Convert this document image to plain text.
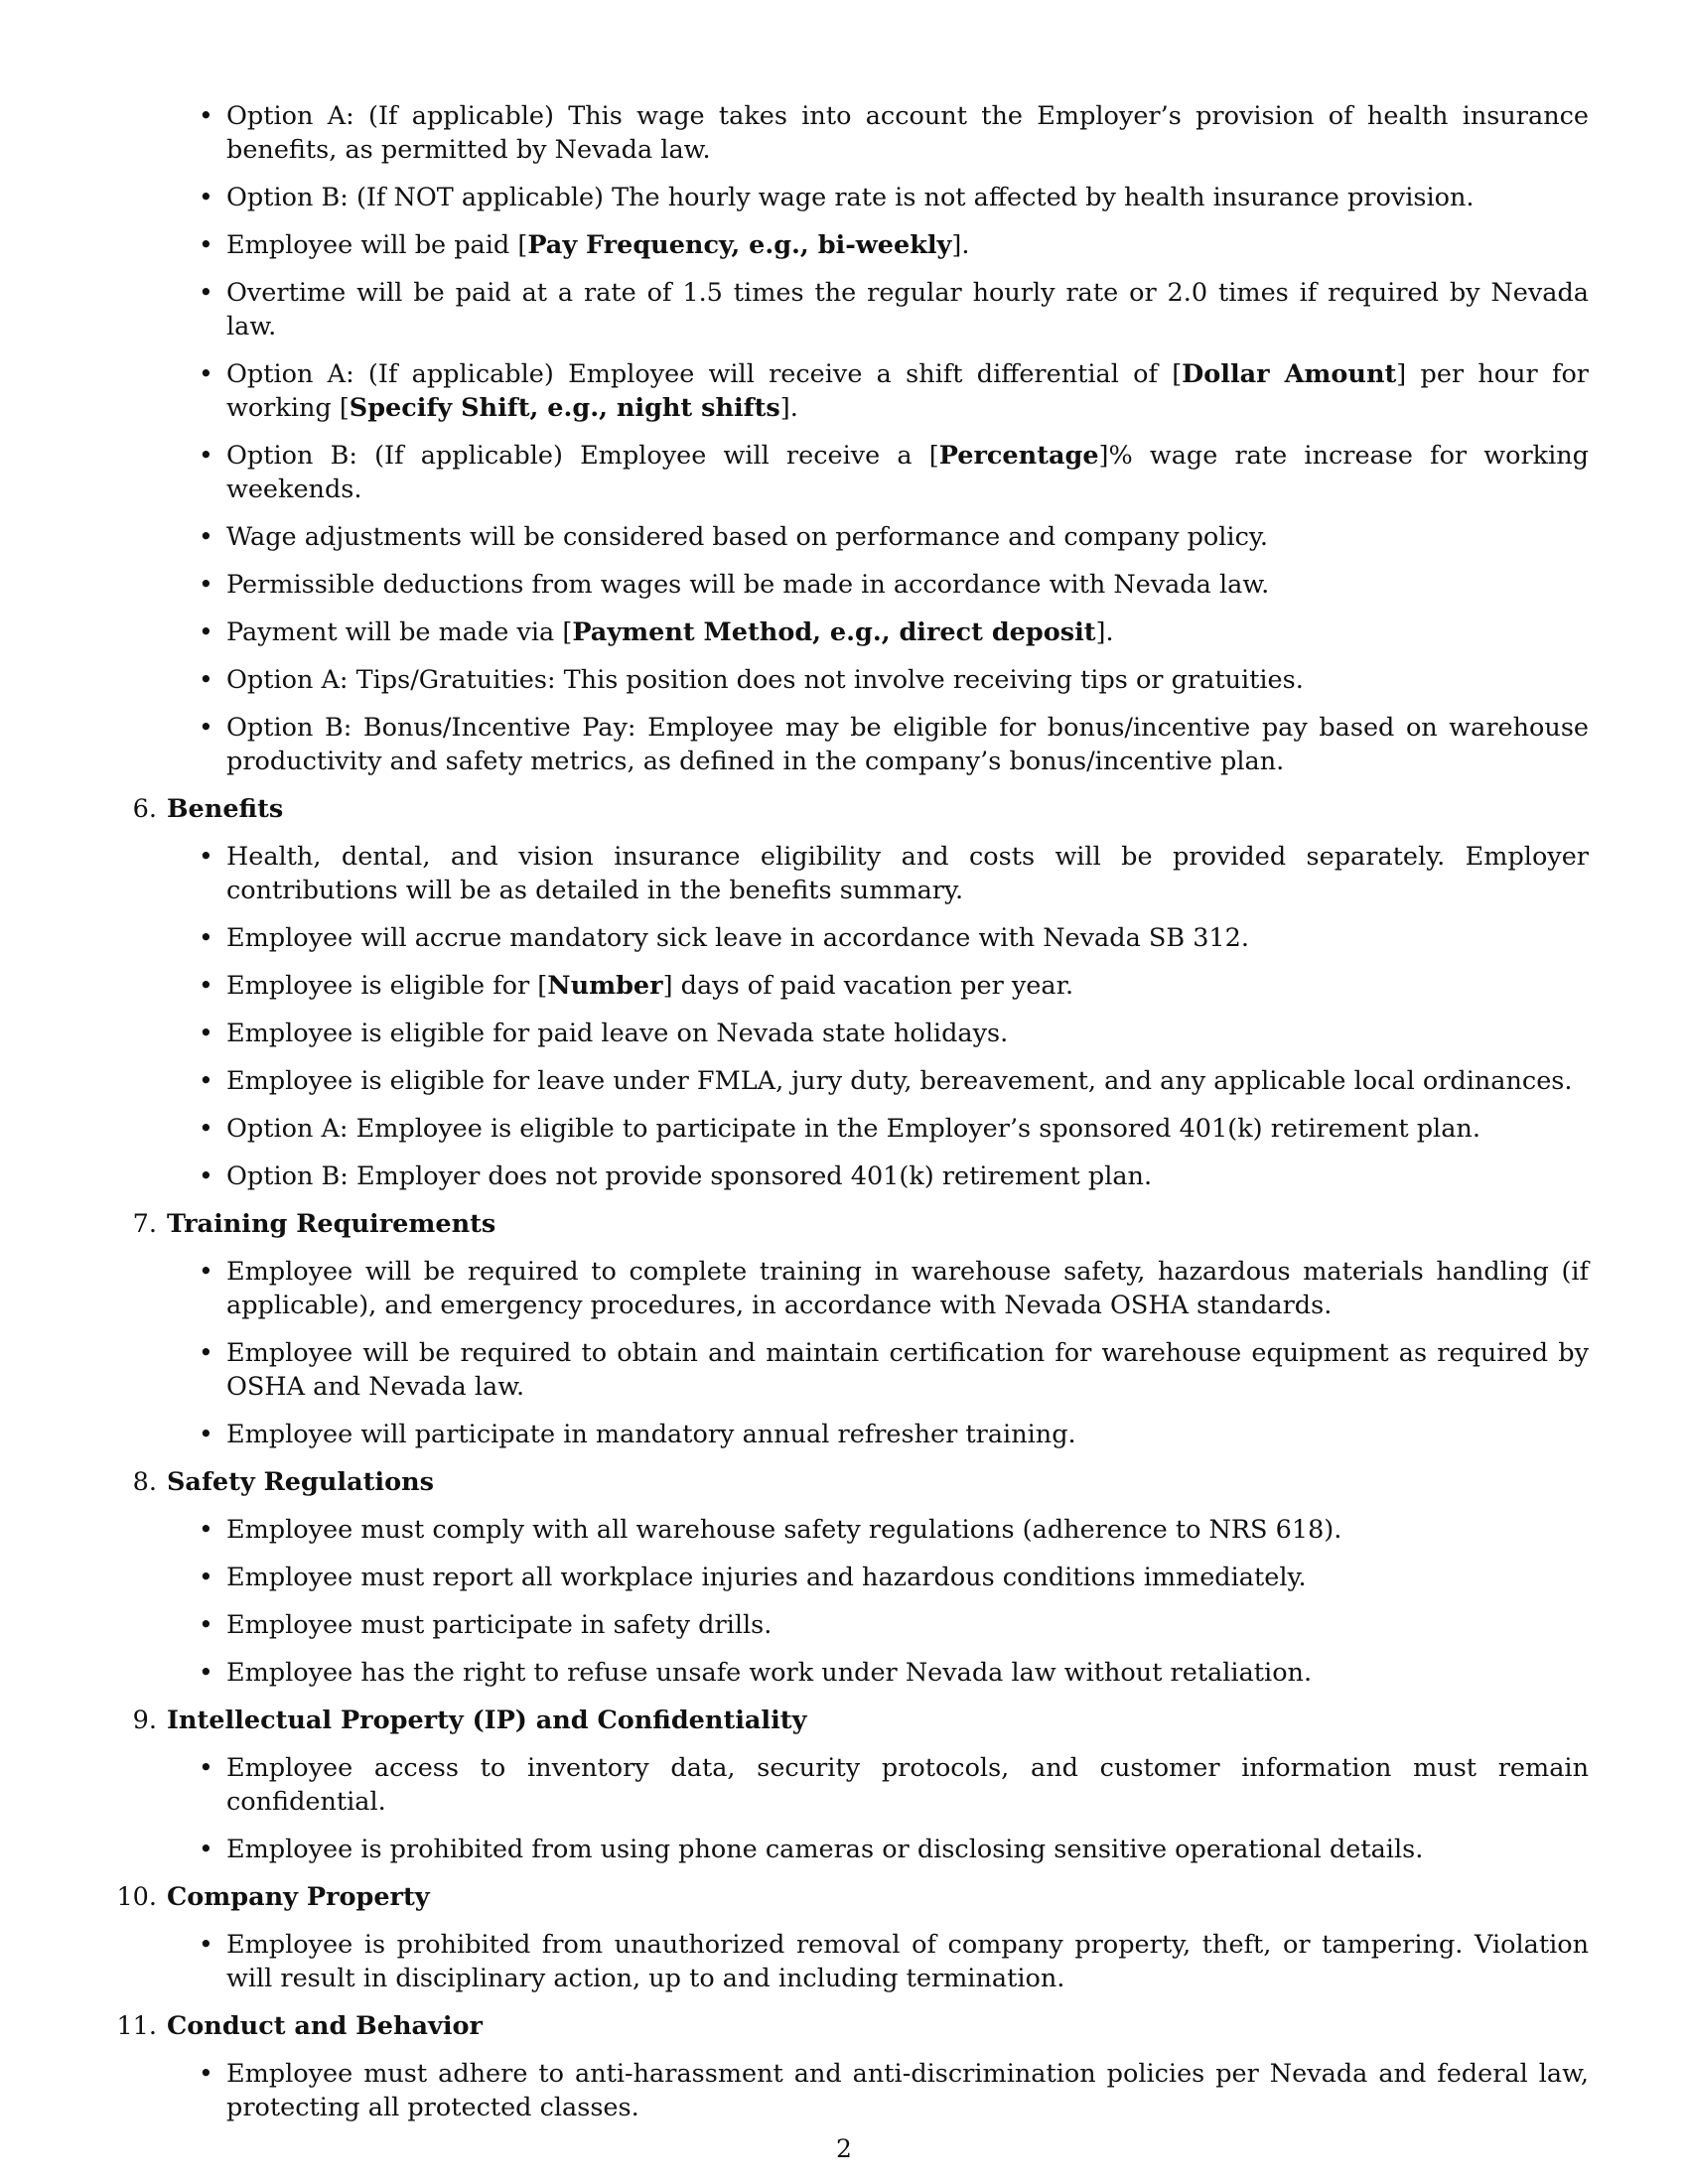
• Option A: (If applicable) This wage takes into account the Employer’s provision of health insurance benefits, as permitted by Nevada law.
• Option B: (If NOT applicable) The hourly wage rate is not affected by health insurance provision.
• Employee will be paid [Pay Frequency, e.g., bi-weekly].
• Overtime will be paid at a rate of 1.5 times the regular hourly rate or 2.0 times if required by Nevada law.
• Option A: (If applicable) Employee will receive a shift differential of [Dollar Amount] per hour for working [Specify Shift, e.g., night shifts].
• Option B: (If applicable) Employee will receive a [Percentage]% wage rate increase for working weekends.
• Wage adjustments will be considered based on performance and company policy.
• Permissible deductions from wages will be made in accordance with Nevada law.
• Payment will be made via [Payment Method, e.g., direct deposit].
• Option A: Tips/Gratuities: This position does not involve receiving tips or gratuities.
• Option B: Bonus/Incentive Pay: Employee may be eligible for bonus/incentive pay based on warehouse productivity and safety metrics, as defined in the company’s bonus/incentive plan.
6. Benefits
• Health, dental, and vision insurance eligibility and costs will be provided separately. Employer contributions will be as detailed in the benefits summary.
• Employee will accrue mandatory sick leave in accordance with Nevada SB 312.
• Employee is eligible for [Number] days of paid vacation per year.
• Employee is eligible for paid leave on Nevada state holidays.
• Employee is eligible for leave under FMLA, jury duty, bereavement, and any applicable local ordinances.
• Option A: Employee is eligible to participate in the Employer’s sponsored 401(k) retirement plan.
• Option B: Employer does not provide sponsored 401(k) retirement plan.
7. Training Requirements
• Employee will be required to complete training in warehouse safety, hazardous materials handling (if applicable), and emergency procedures, in accordance with Nevada OSHA standards.
• Employee will be required to obtain and maintain certification for warehouse equipment as required by OSHA and Nevada law.
• Employee will participate in mandatory annual refresher training.
8. Safety Regulations
• Employee must comply with all warehouse safety regulations (adherence to NRS 618).
• Employee must report all workplace injuries and hazardous conditions immediately.
• Employee must participate in safety drills.
• Employee has the right to refuse unsafe work under Nevada law without retaliation.
9. Intellectual Property (IP) and Confidentiality
• Employee access to inventory data, security protocols, and customer information must remain confidential.
• Employee is prohibited from using phone cameras or disclosing sensitive operational details.
10. Company Property
• Employee is prohibited from unauthorized removal of company property, theft, or tampering. Violation will result in disciplinary action, up to and including termination.
11. Conduct and Behavior
• Employee must adhere to anti-harassment and anti-discrimination policies per Nevada and federal law, protecting all protected classes.
2
